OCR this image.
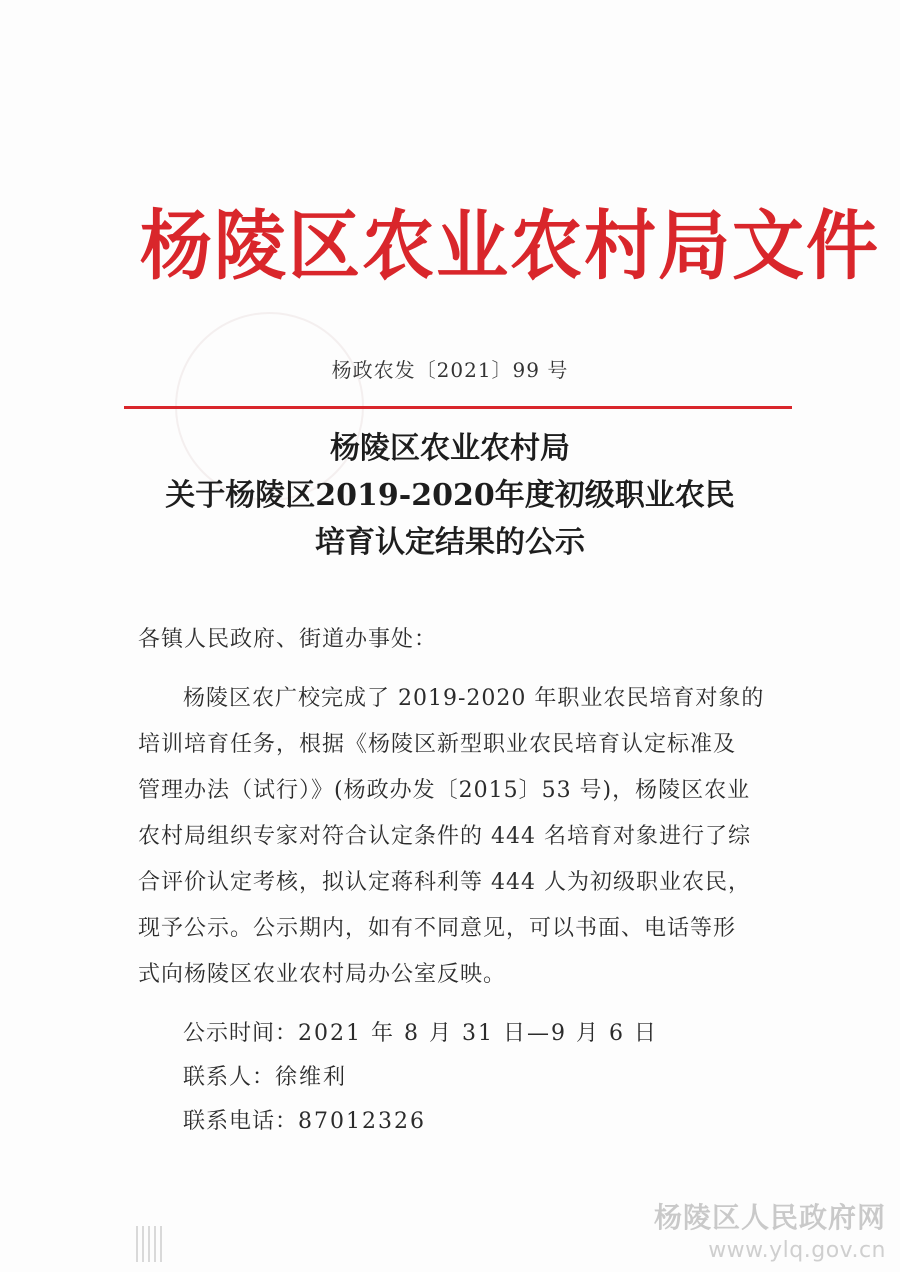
杨陵区农业农村局文件
杨政农发〔2021〕99 号
杨陵区农业农村局
关于杨陵区2019-2020年度初级职业农民
培育认定结果的公示
各镇人民政府、街道办事处：
杨陵区农广校完成了 2019-2020 年职业农民培育对象的
培训培育任务，根据《杨陵区新型职业农民培育认定标准及
管理办法（试行）》(杨政办发〔2015〕53 号)，杨陵区农业
农村局组织专家对符合认定条件的 444 名培育对象进行了综
合评价认定考核，拟认定蒋科利等 444 人为初级职业农民，
现予公示。公示期内，如有不同意见，可以书面、电话等形
式向杨陵区农业农村局办公室反映。
公示时间：2021 年 8 月 31 日—9 月 6 日
联系人：徐维利
联系电话：87012326
杨陵区人民政府网
www.ylq.gov.cn
